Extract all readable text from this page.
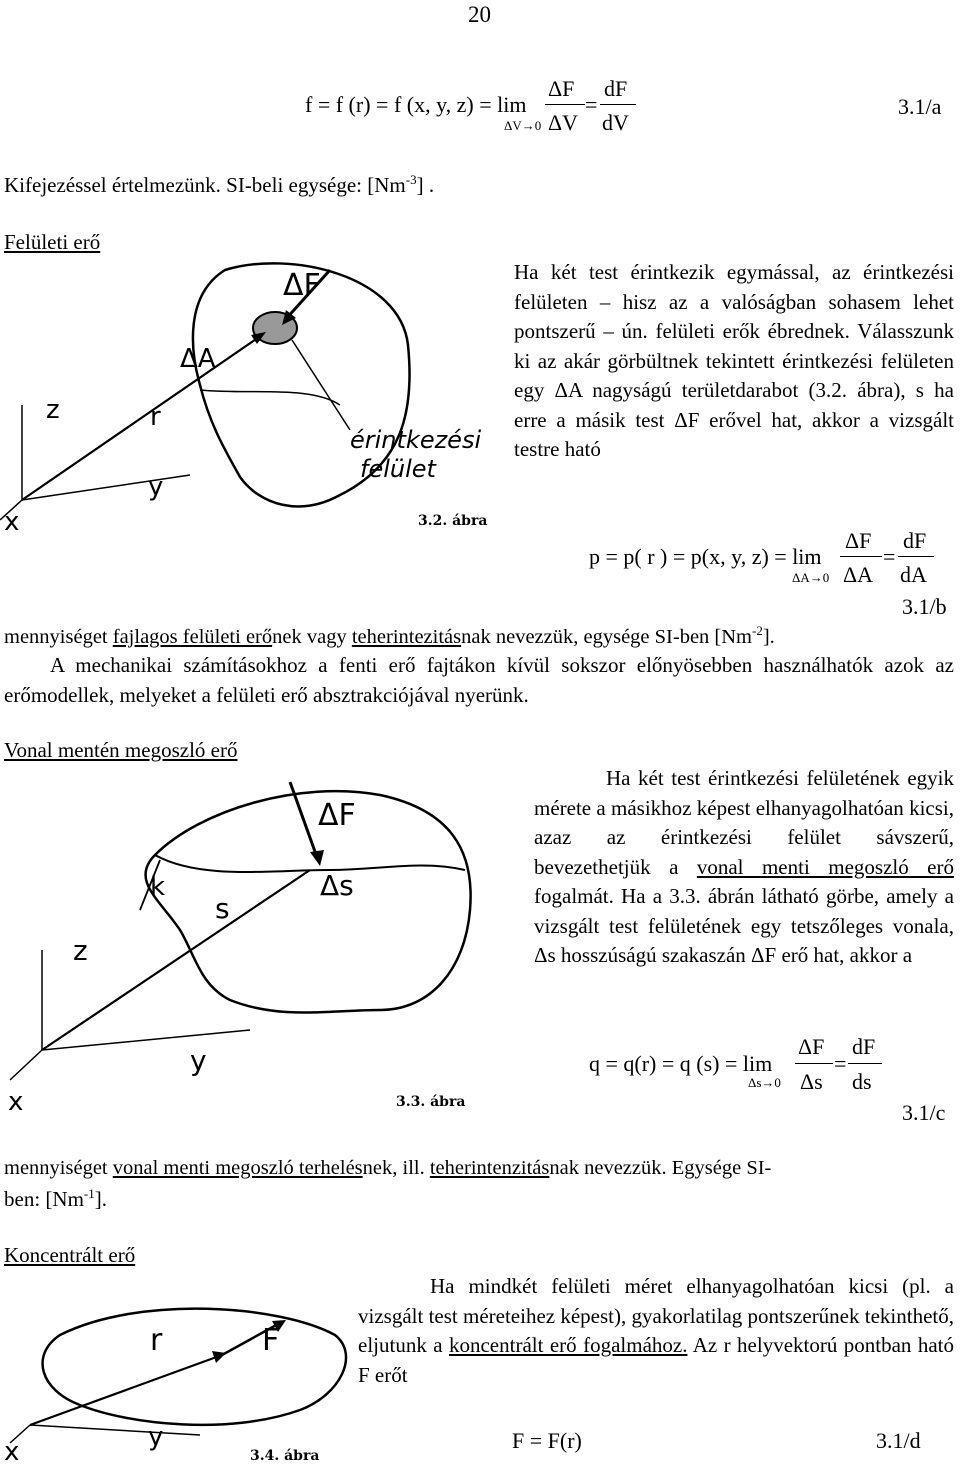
20
f = f (r) = f (x, y, z) = lim
ΔV→0
ΔF
ΔV
=
dF
dV
3.1/a
Kifejezéssel értelmezünk. SI-beli egysége: $[Nm^{-3}]$ .
Felületi erő
ΔF
ΔA
r
z
x
y
érintkezési
felület
3.2. ábra
Ha két test érintkezik egymással, az érintkezési felületen – hisz az a valóságban sohasem lehet pontszerű – ún. felületi erők ébrednek. Válasszunk ki az akár görbültnek tekintett érintkezési felületen egy ΔA nagyságú területdarabot (3.2. ábra), s ha erre a másik test ΔF erővel hat, akkor a vizsgált testre ható
p = p( r ) = p(x, y, z) = lim
ΔA→0
ΔF
ΔA
=
dF
dA
3.1/b
mennyiséget fajlagos felületi erőnek vagy teherintezitásnak nevezzük, egysége SI-ben $[Nm^{-2}]$.
A mechanikai számításokhoz a fenti erő fajtákon kívül sokszor előnyösebben használhatók azok az erőmodellek, melyeket a felületi erő absztrakciójával nyerünk.
Vonal mentén megoszló erő
ΔF
Δs
k
s
z
x
y
3.3. ábra
Ha két test érintkezési felületének egyik mérete a másikhoz képest elhanyagolhatóan kicsi, azaz az érintkezési felület sávszerű, bevezethetjük a vonal menti megoszló erő fogalmát. Ha a 3.3. ábrán látható görbe, amely a vizsgált test felületének egy tetszőleges vonala, Δs hosszúságú szakaszán ΔF erő hat, akkor a
q = q(r) = q (s) = lim
Δs→0
ΔF
Δs
=
dF
ds
3.1/c
mennyiséget vonal menti megoszló terhelésnek, ill. teherintenzitásnak nevezzük. Egysége SI-
ben: $[Nm^{-1}]$.
Koncentrált erő
r	F
x	y
3.4. ábra
Ha mindkét felületi méret elhanyagolhatóan kicsi (pl. a vizsgált test méreteihez képest), gyakorlatilag pontszerűnek tekinthető, eljutunk a koncentrált erő fogalmához. Az r helyvektorú pontban ható F erőt
F = F(r)	3.1/d
